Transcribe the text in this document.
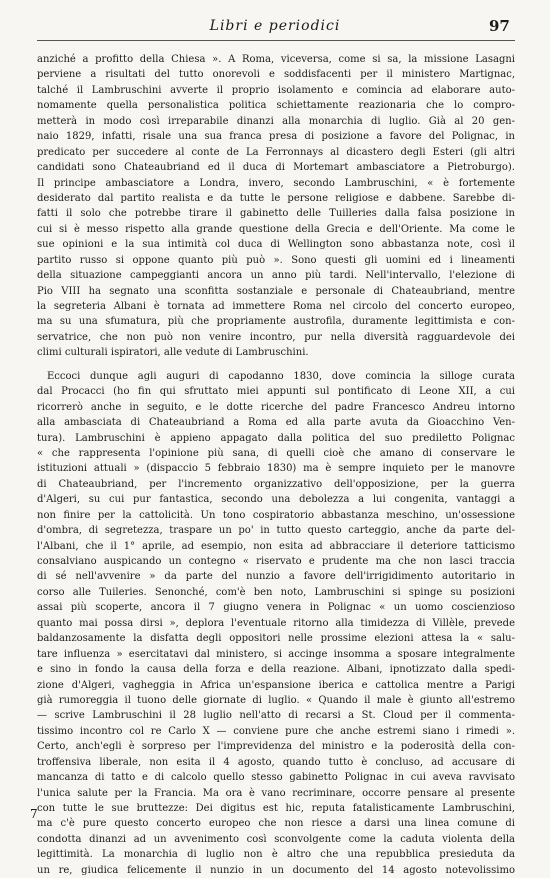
Libri e periodici	97
anziché a profitto della Chiesa ». A Roma, viceversa, come si sa, la missione Lasagni
perviene a risultati del tutto onorevoli e soddisfacenti per il ministero Martignac,
talché il Lambruschini avverte il proprio isolamento e comincia ad elaborare auto-
nomamente quella personalistica politica schiettamente reazionaria che lo compro-
metterà in modo così irreparabile dinanzi alla monarchia di luglio. Già al 20 gen-
naio 1829, infatti, risale una sua franca presa di posizione a favore del Polignac, in
predicato per succedere al conte de La Ferronnays al dicastero degli Esteri (gli altri
candidati sono Chateaubriand ed il duca di Mortemart ambasciatore a Pietroburgo).
Il principe ambasciatore a Londra, invero, secondo Lambruschini, « è fortemente
desiderato dal partito realista e da tutte le persone religiose e dabbene. Sarebbe di-
fatti il solo che potrebbe tirare il gabinetto delle Tuilleries dalla falsa posizione in
cui si è messo rispetto alla grande questione della Grecia e dell'Oriente. Ma come le
sue opinioni e la sua intimità col duca di Wellington sono abbastanza note, così il
partito russo si oppone quanto più può ». Sono questi gli uomini ed i lineamenti
della situazione campeggianti ancora un anno più tardi. Nell'intervallo, l'elezione di
Pio VIII ha segnato una sconfitta sostanziale e personale di Chateaubriand, mentre
la segreteria Albani è tornata ad immettere Roma nel circolo del concerto europeo,
ma su una sfumatura, più che propriamente austrofila, duramente legittimista e con-
servatrice, che non può non venire incontro, pur nella diversità ragguardevole dei
climi culturali ispiratori, alle vedute di Lambruschini.
Eccoci dunque agli auguri di capodanno 1830, dove comincia la silloge curata
dal Procacci (ho fin qui sfruttato miei appunti sul pontificato di Leone XII, a cui
ricorrerò anche in seguito, e le dotte ricerche del padre Francesco Andreu intorno
alla ambasciata di Chateaubriand a Roma ed alla parte avuta da Gioacchino Ven-
tura). Lambruschini è appieno appagato dalla politica del suo prediletto Polignac
« che rappresenta l'opinione più sana, di quelli cioè che amano di conservare le
istituzioni attuali » (dispaccio 5 febbraio 1830) ma è sempre inquieto per le manovre
di Chateaubriand, per l'incremento organizzativo dell'opposizione, per la guerra
d'Algeri, su cui pur fantastica, secondo una debolezza a lui congenita, vantaggi a
non finire per la cattolicità. Un tono cospiratorio abbastanza meschino, un'ossessione
d'ombra, di segretezza, traspare un po' in tutto questo carteggio, anche da parte del-
l'Albani, che il 1° aprile, ad esempio, non esita ad abbracciare il deteriore tatticismo
consalviano auspicando un contegno « riservato e prudente ma che non lasci traccia
di sé nell'avvenire » da parte del nunzio a favore dell'irrigidimento autoritario in
corso alle Tuileries. Senonché, com'è ben noto, Lambruschini si spinge su posizioni
assai più scoperte, ancora il 7 giugno venera in Polignac « un uomo coscienzioso
quanto mai possa dirsi », deplora l'eventuale ritorno alla timidezza di Villèle, prevede
baldanzosamente la disfatta degli oppositori nelle prossime elezioni attesa la « salu-
tare influenza » esercitatavi dal ministero, si accinge insomma a sposare integralmente
e sino in fondo la causa della forza e della reazione. Albani, ipnotizzato dalla spedi-
zione d'Algeri, vagheggia in Africa un'espansione iberica e cattolica mentre a Parigi
già rumoreggia il tuono delle giornate di luglio. « Quando il male è giunto all'estremo
— scrive Lambruschini il 28 luglio nell'atto di recarsi a St. Cloud per il commenta-
tissimo incontro col re Carlo X — conviene pure che anche estremi siano i rimedi ».
Certo, anch'egli è sorpreso per l'imprevidenza del ministro e la poderosità della con-
troffensiva liberale, non esita il 4 agosto, quando tutto è concluso, ad accusare di
mancanza di tatto e di calcolo quello stesso gabinetto Polignac in cui aveva ravvisato
l'unica salute per la Francia. Ma ora è vano recriminare, occorre pensare al presente
con tutte le sue bruttezze: Dei digitus est hic, reputa fatalisticamente Lambruschini,
ma c'è pure questo concerto europeo che non riesce a darsi una linea comune di
condotta dinanzi ad un avvenimento così sconvolgente come la caduta violenta della
legittimità. La monarchia di luglio non è altro che una repubblica presieduta da
un re, giudica felicemente il nunzio in un documento del 14 agosto notevolissimo
7
